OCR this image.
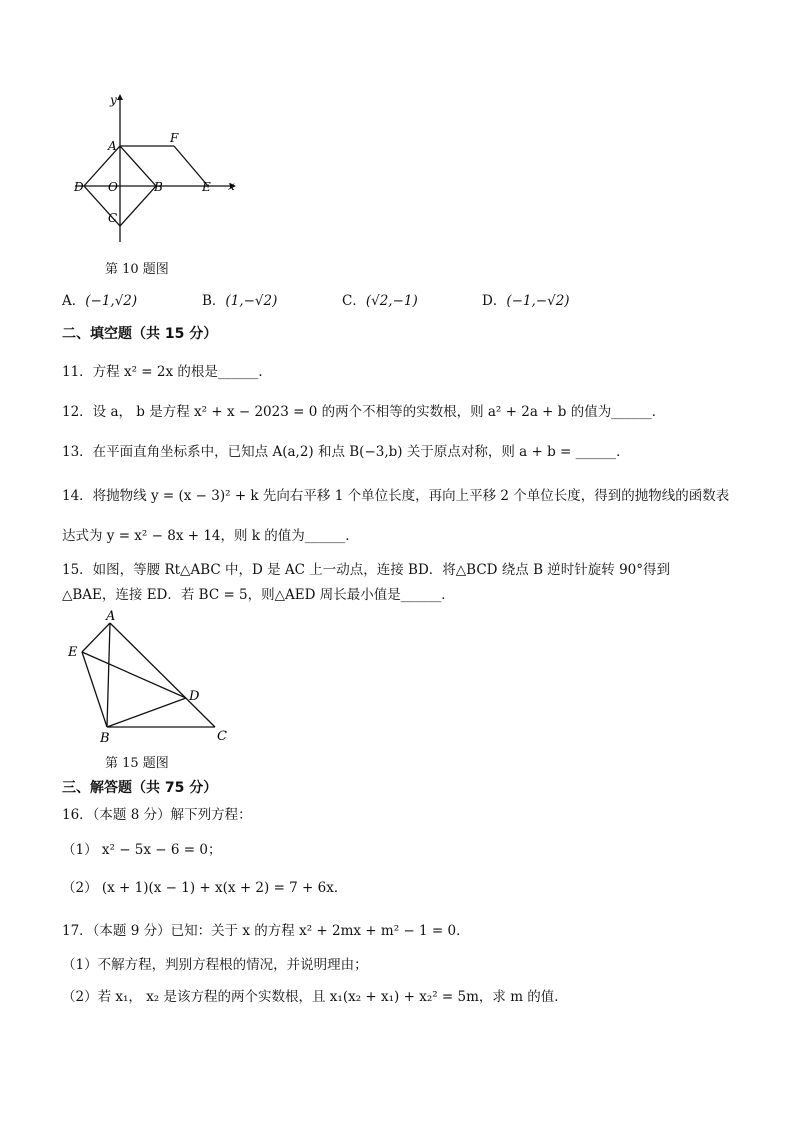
y
x
A
F
D O	B	E
C
第 10 题图
A．(−1,√2)	B．(1,−√2)	C．(√2,−1)	D．(−1,−√2)
二、填空题（共 15 分）
11．方程 x² = 2x 的根是______．
12．设 a， b 是方程 x² + x − 2023 = 0 的两个不相等的实数根，则 a² + 2a + b 的值为______．
13．在平面直角坐标系中，已知点 A(a,2) 和点 B(−3,b) 关于原点对称，则 a + b = ______．
14．将抛物线 y = (x − 3)² + k 先向右平移 1 个单位长度，再向上平移 2 个单位长度，得到的抛物线的函数表
达式为 y = x² − 8x + 14，则 k 的值为______．
15．如图，等腰 Rt△ABC 中，D 是 AC 上一动点，连接 BD．将△BCD 绕点 B 逆时针旋转 90°得到
△BAE，连接 ED．若 BC = 5，则△AED 周长最小值是______．
A
E
D
B	C
第 15 题图
三、解答题（共 75 分）
16．（本题 8 分）解下列方程：
（1） x² − 5x − 6 = 0；
（2） (x + 1)(x − 1) + x(x + 2) = 7 + 6x．
17．（本题 9 分）已知：关于 x 的方程 x² + 2mx + m² − 1 = 0．
（1）不解方程，判别方程根的情况，并说明理由；
（2）若 x₁， x₂ 是该方程的两个实数根，且 x₁(x₂ + x₁) + x₂² = 5m，求 m 的值．
